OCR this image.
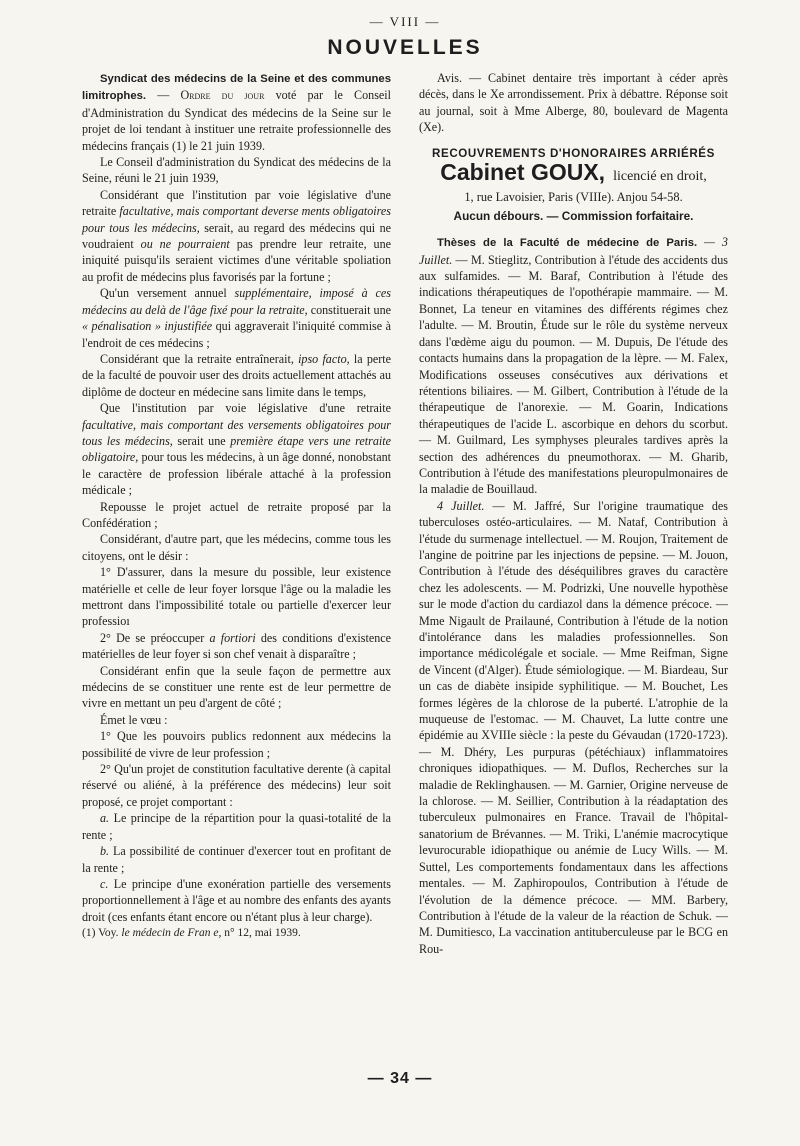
— VIII —
NOUVELLES

Syndicat des médecins de la Seine et des communes limitrophes. — Ordre du jour voté par le Conseil d'Administration du Syndicat des médecins de la Seine sur le projet de loi tendant à instituer une retraite professionnelle des médecins français (1) le 21 juin 1939.

Le Conseil d'administration du Syndicat des médecins de la Seine, réuni le 21 juin 1939,

Considérant que l'institution par voie législative d'une retraite facultative, mais comportant deverse ments obligatoires pour tous les médecins, serait, au regard des médecins qui ne voudraient ou ne pourraient pas prendre leur retraite, une iniquité puisqu'ils seraient victimes d'une véritable spoliation au profit de médecins plus favorisés par la fortune ;

Qu'un versement annuel supplémentaire, imposé à ces médecins au delà de l'âge fixé pour la retraite, constituerait une « pénalisation » injustifiée qui aggraverait l'iniquité commise à l'endroit de ces médecins ;

Considérant que la retraite entraînerait, ipso facto, la perte de la faculté de pouvoir user des droits actuellement attachés au diplôme de docteur en médecine sans limite dans le temps,

Que l'institution par voie législative d'une retraite facultative, mais comportant des versements obligatoires pour tous les médecins, serait une première étape vers une retraite obligatoire, pour tous les médecins, à un âge donné, nonobstant le caractère de profession libérale attaché à la profession médicale ;

Repousse le projet actuel de retraite proposé par la Confédération ;

Considérant, d'autre part, que les médecins, comme tous les citoyens, ont le désir :

1° D'assurer, dans la mesure du possible, leur existence matérielle et celle de leur foyer lorsque l'âge ou la maladie les mettront dans l'impossibilité totale ou partielle d'exercer leur professioı

2° De se préoccuper a fortiori des conditions d'existence matérielles de leur foyer si son chef venait à disparaître ;

Considérant enfin que la seule façon de permettre aux médecins de se constituer une rente est de leur permettre de vivre en mettant un peu d'argent de côté ;

Émet le vœu :

1° Que les pouvoirs publics redonnent aux médecins la possibilité de vivre de leur profession ;

2° Qu'un projet de constitution facultative derente (à capital réservé ou aliéné, à la préférence des médecins) leur soit proposé, ce projet comportant :

a. Le principe de la répartition pour la quasi-totalité de la rente ;

b. La possibilité de continuer d'exercer tout en profitant de la rente ;

c. Le principe d'une exonération partielle des versements proportionnellement à l'âge et au nombre des enfants des ayants droit (ces enfants étant encore ou n'étant plus à leur charge).

(1) Voy. le médecin de Fran e, n° 12, mai 1939.

Avis. — Cabinet dentaire très important à céder après décès, dans le Xe arrondissement. Prix à débattre. Réponse soit au journal, soit à Mme Alberge, 80, boulevard de Magenta (Xe).

RECOUVREMENTS D'HONORAIRES ARRIÉRÉS
Cabinet GOUX, licencié en droit,
1, rue Lavoisier, Paris (VIIIe). Anjou 54-58.
Aucun débours. — Commission forfaitaire.

Thèses de la Faculté de médecine de Paris. — 3 Juillet. — M. Stieglitz, Contribution à l'étude des accidents dus aux sulfamides. — M. Baraf, Contribution à l'étude des indications thérapeutiques de l'opothérapie mammaire. — M. Bonnet, La teneur en vitamines des différents régimes chez l'adulte. — M. Broutin, Étude sur le rôle du système nerveux dans l'œdème aigu du poumon. — M. Dupuis, De l'étude des contacts humains dans la propagation de la lèpre. — M. Falex, Modifications osseuses consécutives aux dérivations et rétentions biliaires. — M. Gilbert, Contribution à l'étude de la thérapeutique de l'anorexie. — M. Goarin, Indications thérapeutiques de l'acide L. ascorbique en dehors du scorbut. — M. Guilmard, Les symphyses pleurales tardives après la section des adhérences du pneumothorax. — M. Gharib, Contribution à l'étude des manifestations pleuropulmonaires de la maladie de Bouillaud.

4 Juillet. — M. Jaffré, Sur l'origine traumatique des tuberculoses ostéo-articulaires. — M. Nataf, Contribution à l'étude du surmenage intellectuel. — M. Roujon, Traitement de l'angine de poitrine par les injections de pepsine. — M. Jouon, Contribution à l'étude des déséquilibres graves du caractère chez les adolescents. — M. Podrizki, Une nouvelle hypothèse sur le mode d'action du cardiazol dans la démence précoce. — Mme Nigault de Prailauné, Contribution à l'étude de la notion d'intolérance dans les maladies professionnelles. Son importance médicolégale et sociale. — Mme Reifman, Signe de Vincent (d'Alger). Étude sémiologique. — M. Biardeau, Sur un cas de diabète insipide syphilitique. — M. Bouchet, Les formes légères de la chlorose de la puberté. L'atrophie de la muqueuse de l'estomac. — M. Chauvet, La lutte contre une épidémie au XVIIIe siècle : la peste du Gévaudan (1720-1723). — M. Dhéry, Les purpuras (pétéchiaux) inflammatoires chroniques idiopathiques. — M. Duflos, Recherches sur la maladie de Reklinghausen. — M. Garnier, Origine nerveuse de la chlorose. — M. Seillier, Contribution à la réadaptation des tuberculeux pulmonaires en France. Travail de l'hôpital-sanatorium de Brévannes. — M. Triki, L'anémie macrocytique levurocurable idiopathique ou anémie de Lucy Wills. — M. Suttel, Les comportements fondamentaux dans les affections mentales. — M. Zaphiropoulos, Contribution à l'étude de l'évolution de la démence précoce. — MM. Barbery, Contribution à l'étude de la valeur de la réaction de Schuk. — M. Dumitiesco, La vaccination antituberculeuse par le BCG en Rou-

— 34 —
